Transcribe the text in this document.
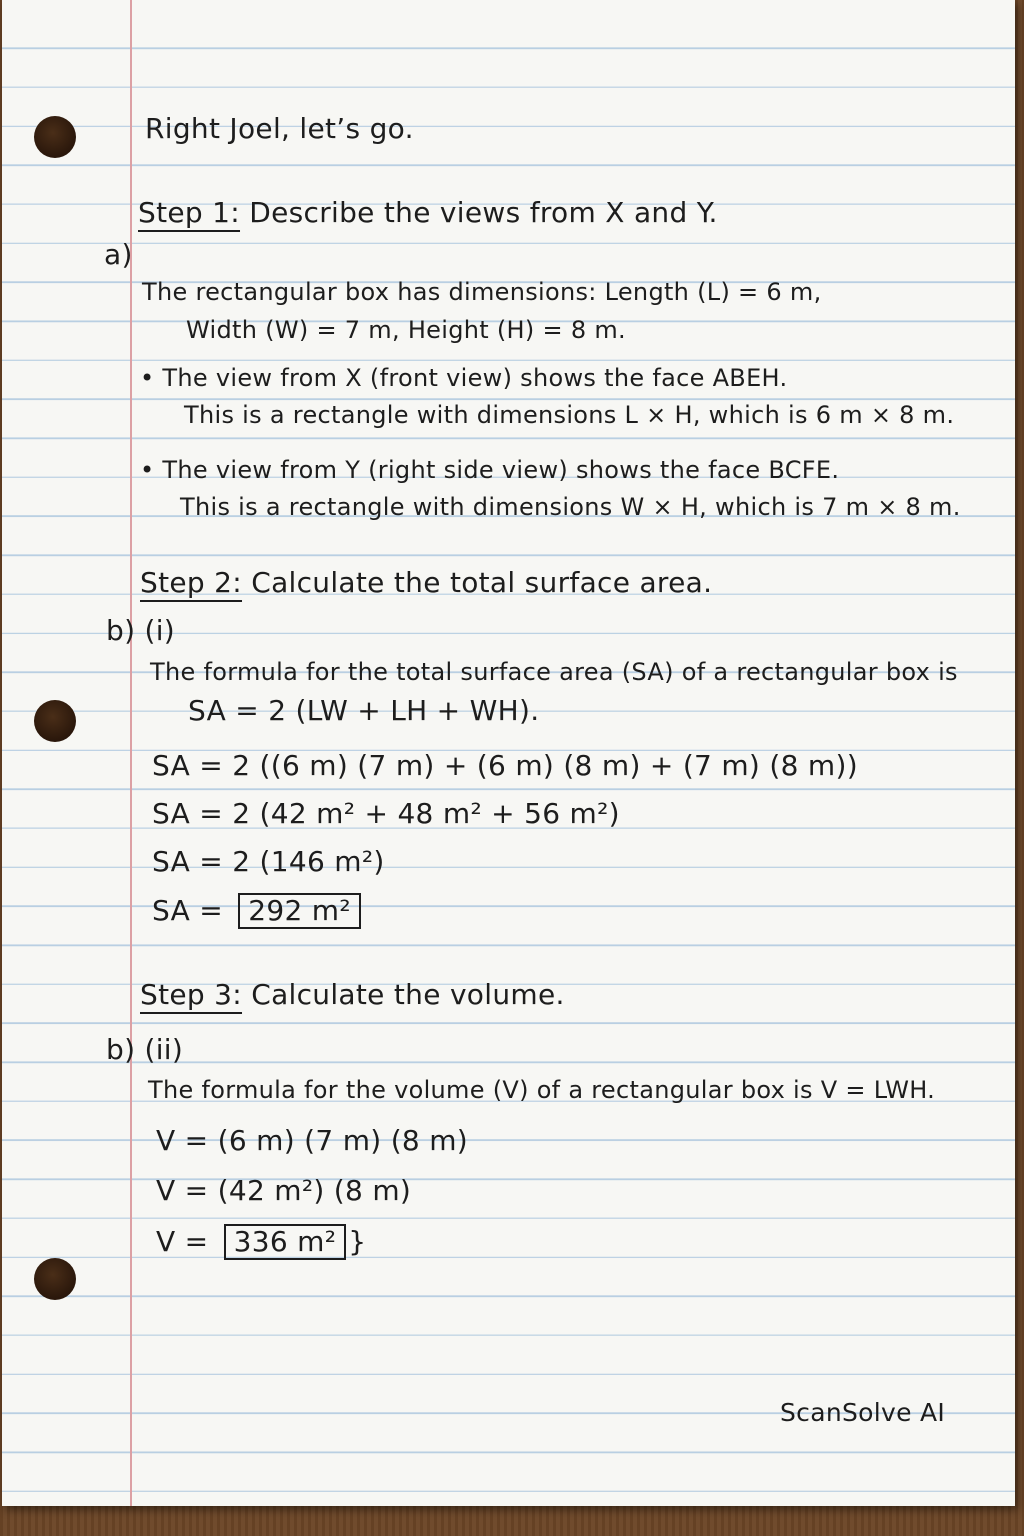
Right Joel, let’s go.
Step 1: Describe the views from X and Y.
a)
The rectangular box has dimensions: Length (L) = 6 m,
Width (W) = 7 m, Height (H) = 8 m.
• The view from X (front view) shows the face ABEH.
This is a rectangle with dimensions L × H, which is 6 m × 8 m.
• The view from Y (right side view) shows the face BCFE.
This is a rectangle with dimensions W × H, which is 7 m × 8 m.
Step 2: Calculate the total surface area.
b) (i)
The formula for the total surface area (SA) of a rectangular box is
SA = 2 (LW + LH + WH).
SA = 2 ((6 m) (7 m) + (6 m) (8 m) + (7 m) (8 m))
SA = 2 (42 m² + 48 m² + 56 m²)
SA = 2 (146 m²)
SA = 292 m²
Step 3: Calculate the volume.
b) (ii)
The formula for the volume (V) of a rectangular box is V = LWH.
V = (6 m) (7 m) (8 m)
V = (42 m²) (8 m)
V = 336 m² }
ScanSolve AI
